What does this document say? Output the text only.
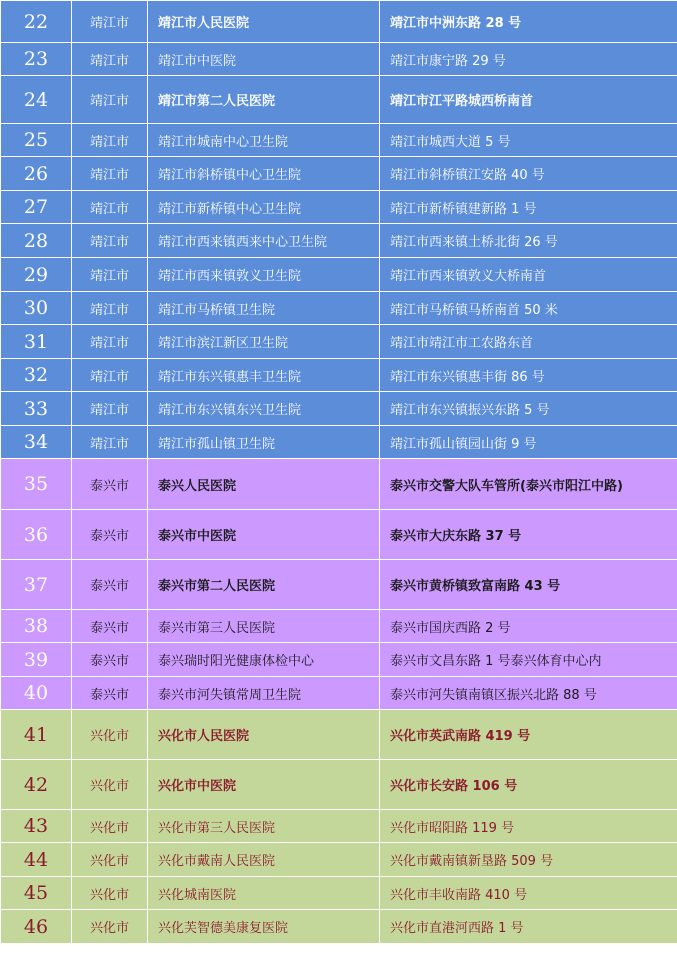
22	靖江市	靖江市人民医院	靖江市中洲东路 28 号
23	靖江市	靖江市中医院	靖江市康宁路 29 号
24	靖江市	靖江市第二人民医院	靖江市江平路城西桥南首
25	靖江市	靖江市城南中心卫生院	靖江市城西大道 5 号
26	靖江市	靖江市斜桥镇中心卫生院	靖江市斜桥镇江安路 40 号
27	靖江市	靖江市新桥镇中心卫生院	靖江市新桥镇建新路 1 号
28	靖江市	靖江市西来镇西来中心卫生院	靖江市西来镇土桥北街 26 号
29	靖江市	靖江市西来镇敦义卫生院	靖江市西来镇敦义大桥南首
30	靖江市	靖江市马桥镇卫生院	靖江市马桥镇马桥南首 50 米
31	靖江市	靖江市滨江新区卫生院	靖江市靖江市工农路东首
32	靖江市	靖江市东兴镇惠丰卫生院	靖江市东兴镇惠丰街 86 号
33	靖江市	靖江市东兴镇东兴卫生院	靖江市东兴镇振兴东路 5 号
34	靖江市	靖江市孤山镇卫生院	靖江市孤山镇园山街 9 号
35	泰兴市	泰兴人民医院	泰兴市交警大队车管所(泰兴市阳江中路)
36	泰兴市	泰兴市中医院	泰兴市大庆东路 37 号
37	泰兴市	泰兴市第二人民医院	泰兴市黄桥镇致富南路 43 号
38	泰兴市	泰兴市第三人民医院	泰兴市国庆西路 2 号
39	泰兴市	泰兴瑞时阳光健康体检中心	泰兴市文昌东路 1 号泰兴体育中心内
40	泰兴市	泰兴市河失镇常周卫生院	泰兴市河失镇南镇区振兴北路 88 号
41	兴化市	兴化市人民医院	兴化市英武南路 419 号
42	兴化市	兴化市中医院	兴化市长安路 106 号
43	兴化市	兴化市第三人民医院	兴化市昭阳路 119 号
44	兴化市	兴化市戴南人民医院	兴化市戴南镇新垦路 509 号
45	兴化市	兴化城南医院	兴化市丰收南路 410 号
46	兴化市	兴化芙智德美康复医院	兴化市直港河西路 1 号
